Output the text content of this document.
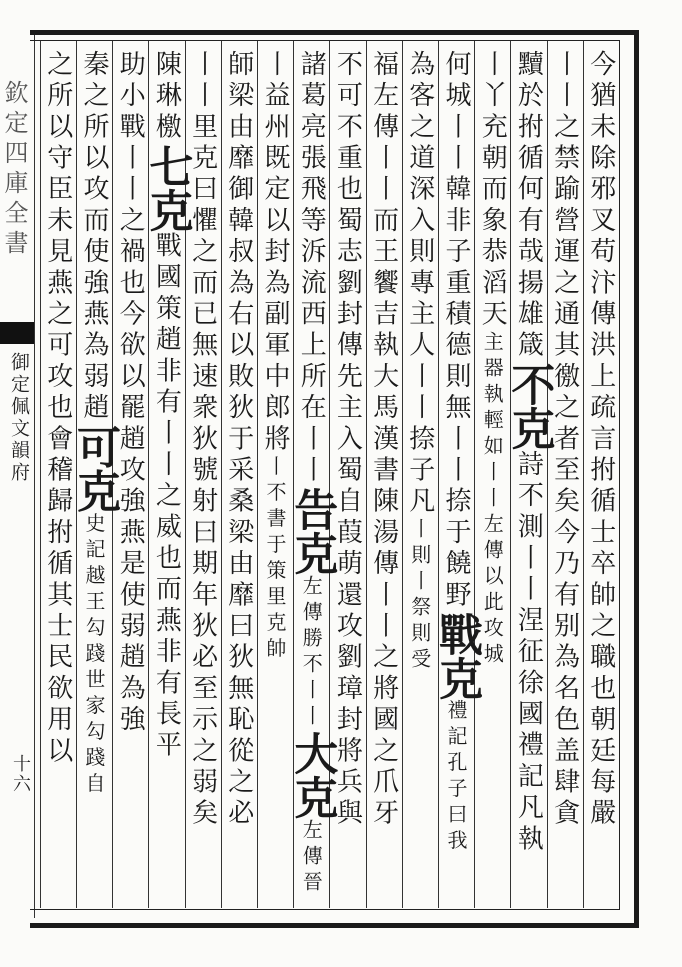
欽定四庫全書
御定佩文韻府
十六	今猶未除邪叉苟汴傳洪上疏言拊循士卒帥之職也朝廷每嚴
丨丨之禁踰營運之通其徼之者至矣今乃有别為名色盖肆貪
黷於拊循何有哉揚雄箴不克詩不測丨丨涅征徐國禮記凡執
丨丫充朝而象恭滔天主器執輕如丨丨左傳以此攻城
何城丨丨韓非子重積德則無丨丨捺于饒野戰克禮記孔子曰我
為客之道深入則專主人丨丨捺子凡丨則丨祭則受
福左傳丨丨而王饗吉執大馬漢書陳湯傳丨丨之將國之爪牙
不可不重也蜀志劉封傳先主入蜀自葭萌還攻劉璋封將兵與
諸葛亮張飛等泝流西上所在丨丨告克左傳勝不丨丨大克左傳晉
丨益州既定以封為副軍中郎將丨不書于策里克帥
師梁由靡御韓叔為右以敗狄于采桑梁由靡曰狄無恥從之必
丨丨里克曰懼之而已無速衆狄號射曰期年狄必至示之弱矣
陳琳檄七克戰國策趙非有丨丨之威也而燕非有長平
助小戰丨丨之禍也今欲以罷趙攻強燕是使弱趙為強
秦之所以攻而使強燕為弱趙可克史記越王勾踐世家勾踐自
之所以守臣未見燕之可攻也會稽歸拊循其士民欲用以
